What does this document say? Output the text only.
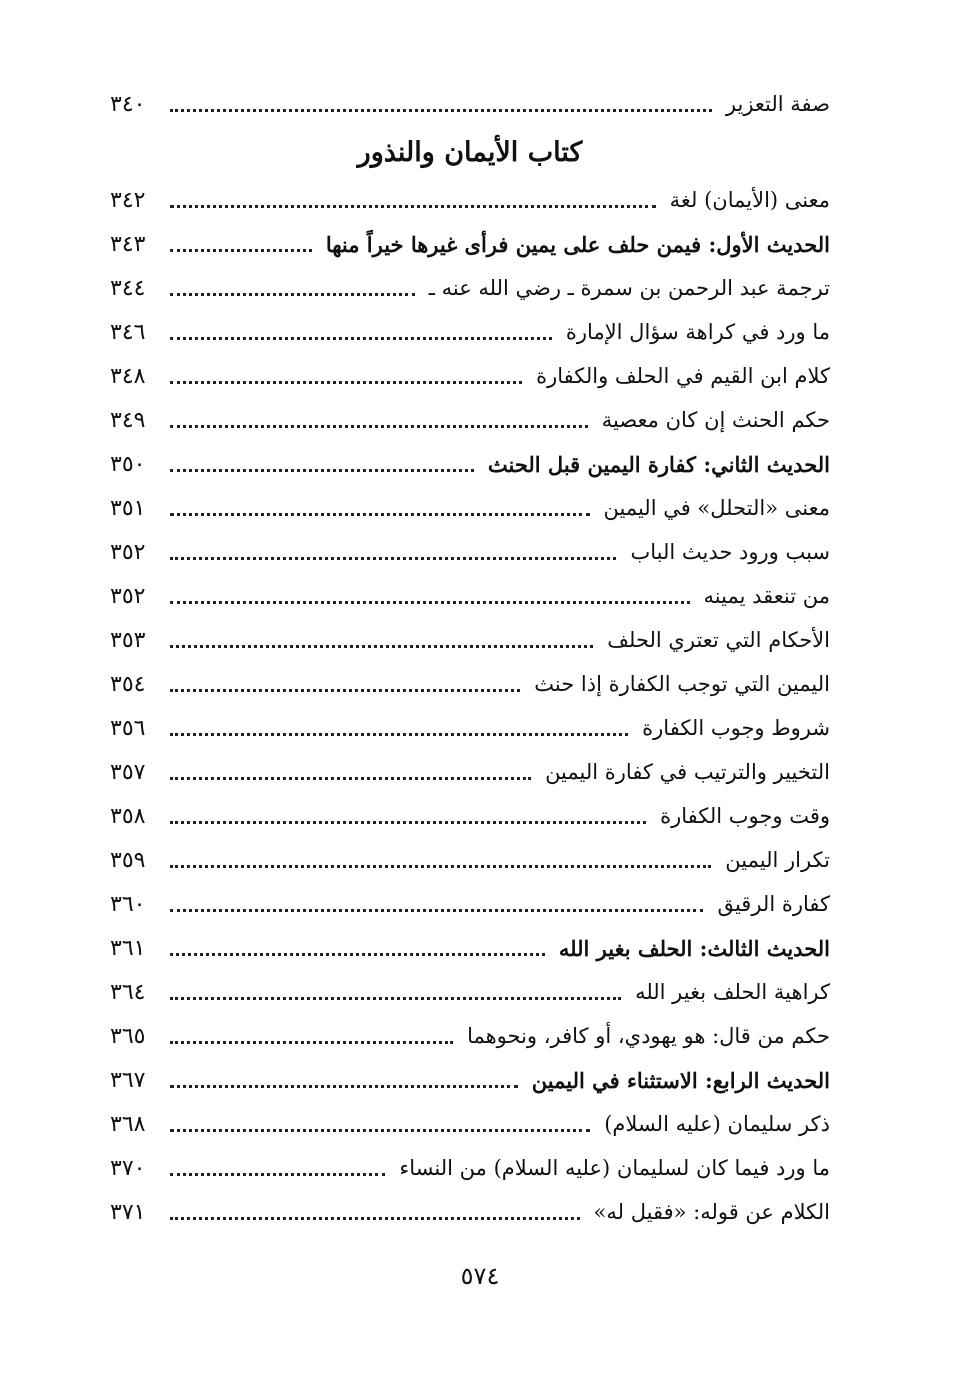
صفة التعزير
٣٤٠
كتاب الأيمان والنذور
معنى (الأيمان) لغة
٣٤٢
الحديث الأول: فيمن حلف على يمين فرأى غيرها خيراً منها
٣٤٣
ترجمة عبد الرحمن بن سمرة ـ رضي الله عنه ـ
٣٤٤
ما ورد في كراهة سؤال الإمارة
٣٤٦
كلام ابن القيم في الحلف والكفارة
٣٤٨
حكم الحنث إن كان معصية
٣٤٩
الحديث الثاني: كفارة اليمين قبل الحنث
٣٥٠
معنى «التحلل» في اليمين
٣٥١
سبب ورود حديث الباب
٣٥٢
من تنعقد يمينه
٣٥٢
الأحكام التي تعتري الحلف
٣٥٣
اليمين التي توجب الكفارة إذا حنث
٣٥٤
شروط وجوب الكفارة
٣٥٦
التخيير والترتيب في كفارة اليمين
٣٥٧
وقت وجوب الكفارة
٣٥٨
تكرار اليمين
٣٥٩
كفارة الرقيق
٣٦٠
الحديث الثالث: الحلف بغير الله
٣٦١
كراهية الحلف بغير الله
٣٦٤
حكم من قال: هو يهودي، أو كافر، ونحوهما
٣٦٥
الحديث الرابع: الاستثناء في اليمين
٣٦٧
ذكر سليمان (عليه السلام)
٣٦٨
ما ورد فيما كان لسليمان (عليه السلام) من النساء
٣٧٠
الكلام عن قوله: «فقيل له»
٣٧١
٥٧٤
